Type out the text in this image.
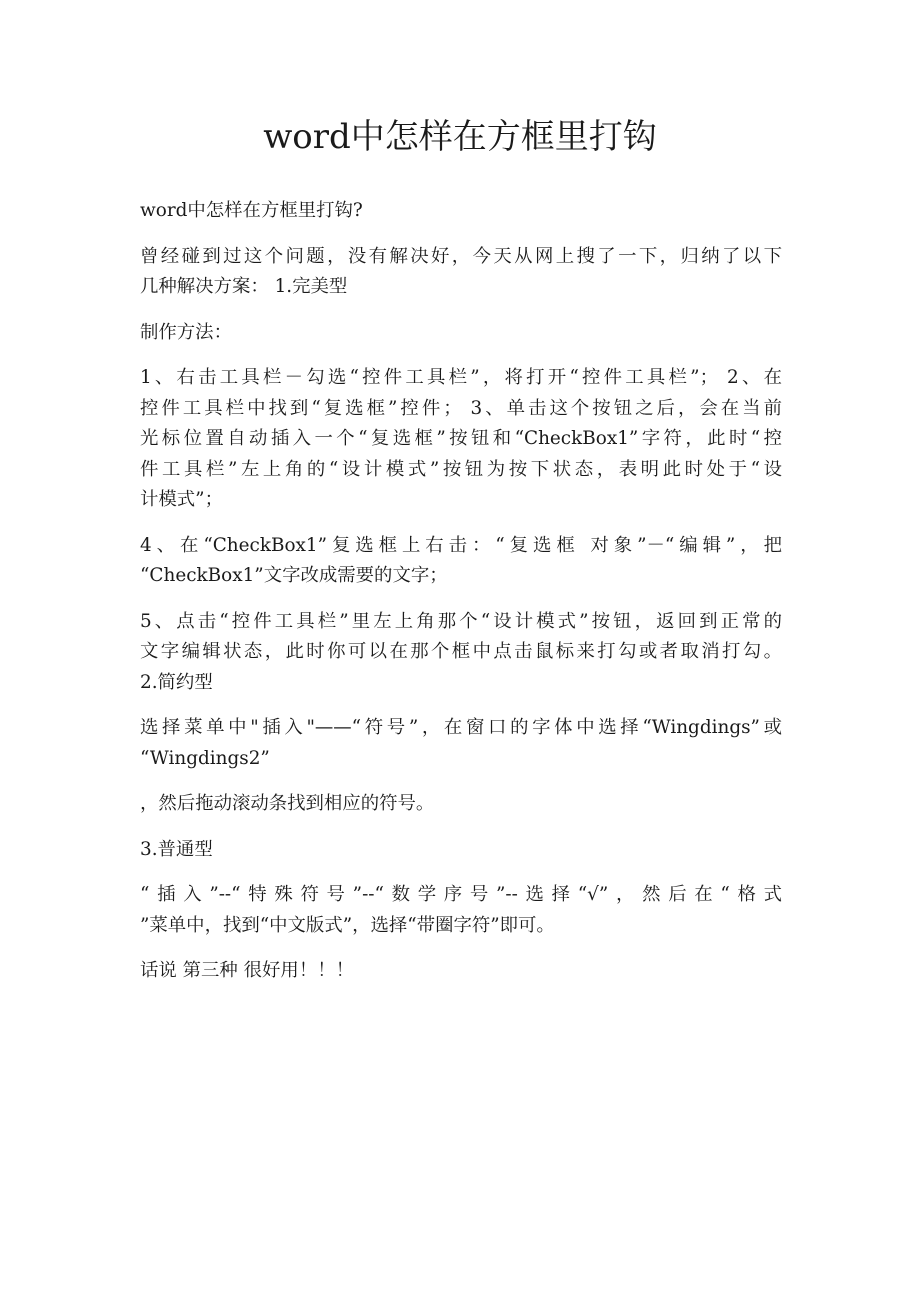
word中怎样在方框里打钩
word中怎样在方框里打钩?
曾经碰到过这个问题，没有解决好，今天从网上搜了一下，归纳了以下
几种解决方案： 1.完美型
制作方法：
1、右击工具栏－勾选“控件工具栏”，将打开“控件工具栏”； 2、在
控件工具栏中找到“复选框”控件； 3、单击这个按钮之后，会在当前
光标位置自动插入一个“复选框”按钮和“CheckBox1”字符，此时“控
件工具栏”左上角的“设计模式”按钮为按下状态，表明此时处于“设
计模式”；
4、在“CheckBox1”复选框上右击：“复选框 对象”－“编辑”，把
“CheckBox1”文字改成需要的文字；
5、点击“控件工具栏”里左上角那个“设计模式”按钮，返回到正常的
文字编辑状态，此时你可以在那个框中点击鼠标来打勾或者取消打勾。
2.简约型
选择菜单中"插入"——“符号”，在窗口的字体中选择“Wingdings”或
“Wingdings2”
，然后拖动滚动条找到相应的符号。
3.普通型
“插入”--“特殊符号”--“数学序号”--选择“√”，然后在“格式
”菜单中，找到“中文版式”，选择“带圈字符”即可。
话说 第三种 很好用！！！
